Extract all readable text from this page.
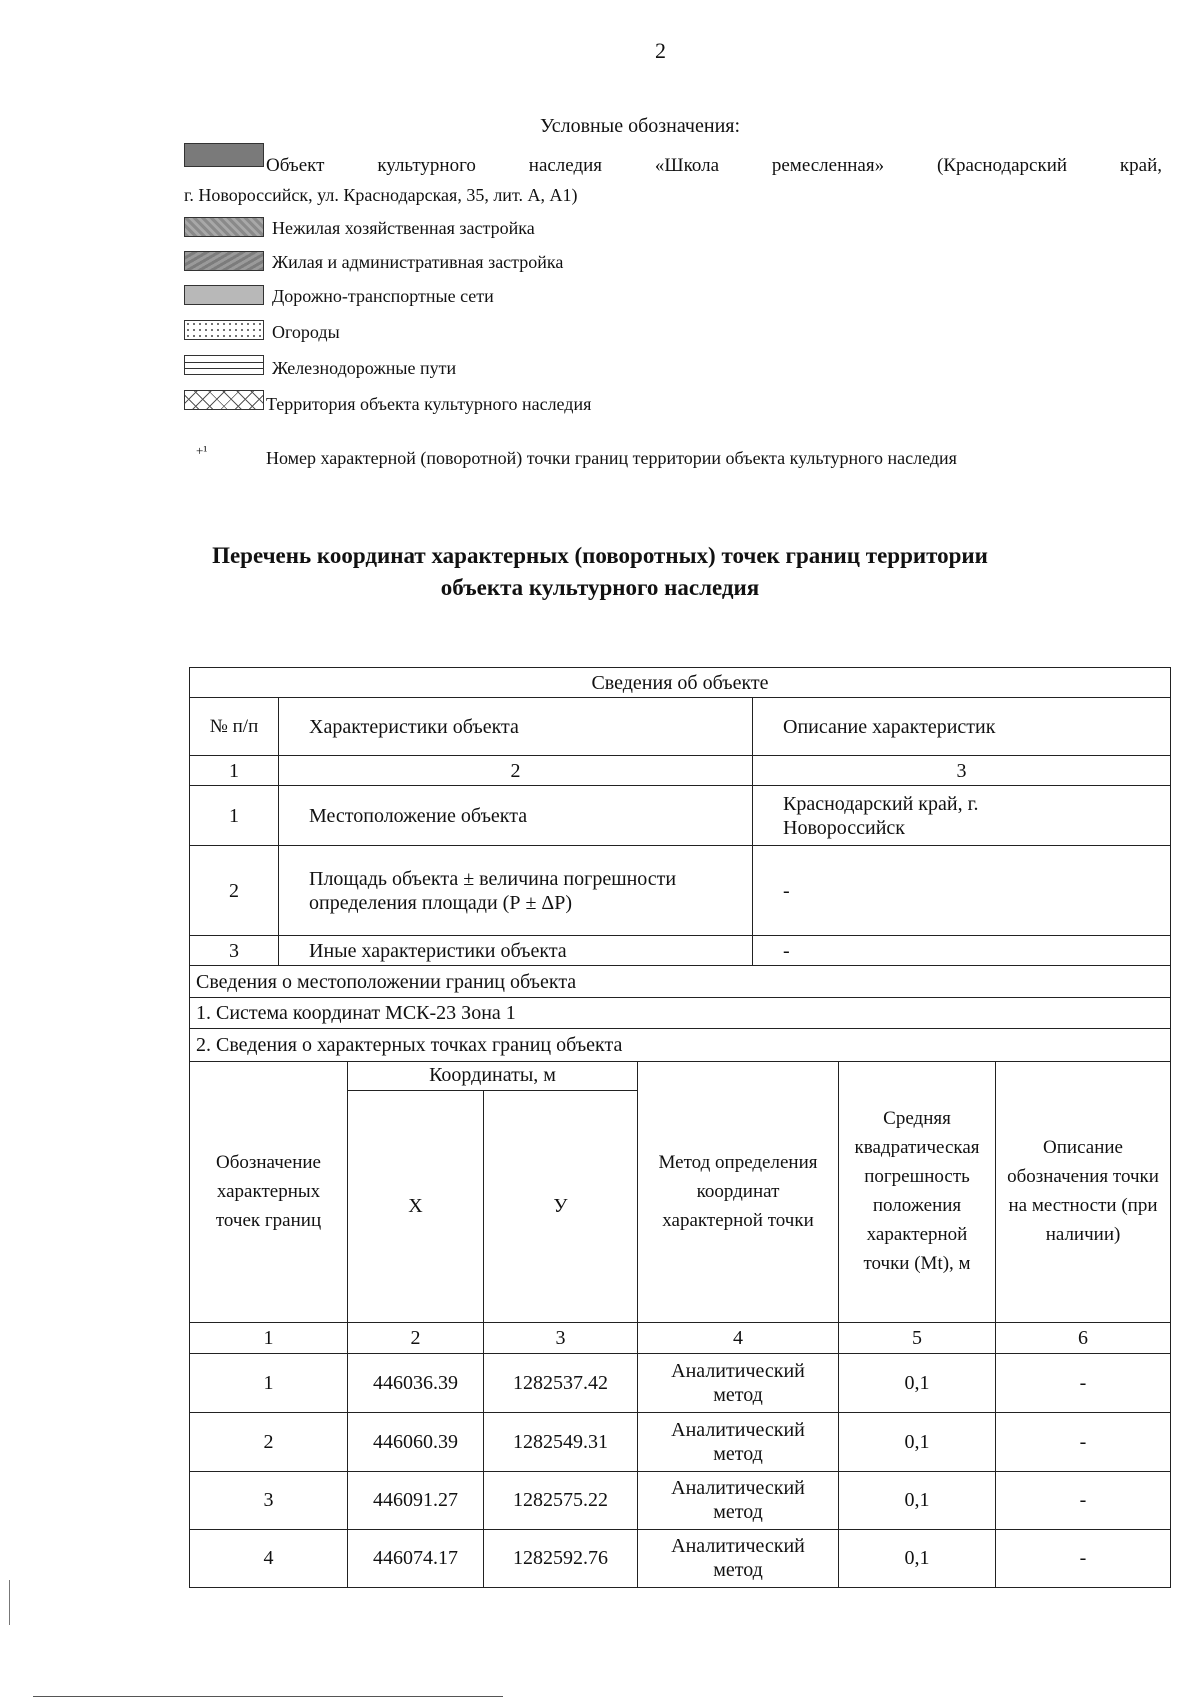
2
Условные обозначения:
Объект культурного наследия «Школа ремесленная» (Краснодарский край,
г. Новороссийск, ул. Краснодарская, 35, лит. А, А1)
Нежилая хозяйственная застройка
Жилая и административная застройка
Дорожно-транспортные сети
Огороды
Железнодорожные пути
Территория объекта культурного наследия
+¹	Номер характерной (поворотной) точки границ территории объекта культурного наследия
Перечень координат характерных (поворотных) точек границ территории
объекта культурного наследия
Сведения об объекте		
№ п/п	Характеристики объекта	Описание характеристик
1	2	3
1	Местоположение объекта	Краснодарский край, г. Новороссийск
2	Площадь объекта ± величина погрешности определения площади (Р ± ΔР)	-
3	Иные характеристики объекта	-
Сведения о местоположении границ объекта		
1. Система координат МСК-23 Зона 1		
2. Сведения о характерных точках границ объекта		
Обозначение характерных точек границ	Координаты, м		Метод определения координат характерной точки	Средняя квадратическая погрешность положения характерной точки (Mt), м	Описание обозначения точки на местности (при наличии)
	X	У			
1	2	3	4	5	6
1	446036.39	1282537.42	Аналитический метод	0,1	-
2	446060.39	1282549.31	Аналитический метод	0,1	-
3	446091.27	1282575.22	Аналитический метод	0,1	-
4	446074.17	1282592.76	Аналитический метод	0,1	-
